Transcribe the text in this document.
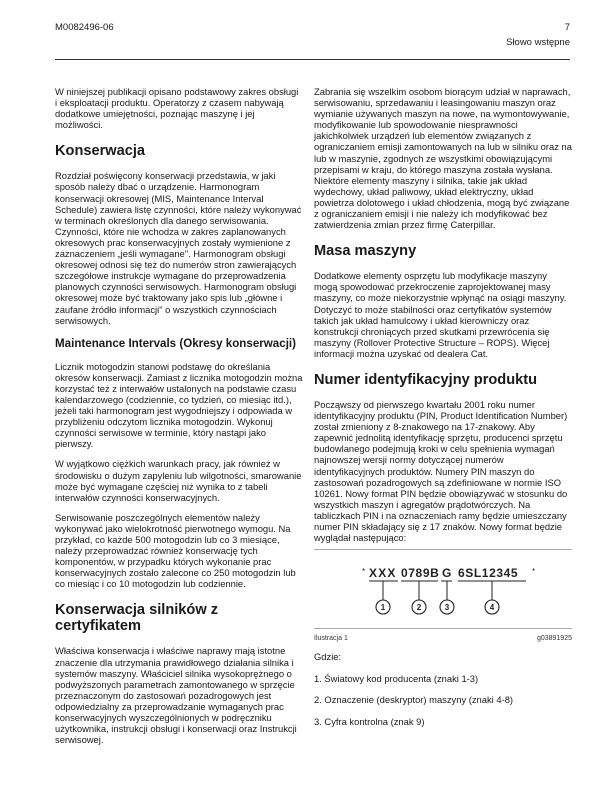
M0082496-06	7
Słowo wstępne

W niniejszej publikacji opisano podstawowy zakres obsługi i eksploatacji produktu. Operatorzy z czasem nabywają dodatkowe umiejętności, poznając maszynę i jej możliwości.

Konserwacja

Rozdział poświęcony konserwacji przedstawia, w jaki sposób należy dbać o urządzenie. Harmonogram konserwacji okresowej (MIS, Maintenance Interval Schedule) zawiera listę czynności, które należy wykonywać w terminach określonych dla danego serwisowania. Czynności, które nie wchodza w zakres zaplanowanych okresowych prac konserwacyjnych zostały wymienione z zaznaczeniem „jeśli wymagane". Harmonogram obsługi okresowej odnosi się też do numerów stron zawierających szczegółowe instrukcje wymagane do przeprowadzenia planowych czynności serwisowych. Harmonogram obsługi okresowej może być traktowany jako spis lub „główne i zaufane źródło informacji" o wszystkich czynnościach serwisowych.

Maintenance Intervals (Okresy konserwacji)

Licznik motogodzin stanowi podstawę do określania okresów konserwacji. Zamiast z licznika motogodzin można korzystać też z interwałów ustalonych na podstawie czasu kalendarzowego (codziennie, co tydzień, co miesiąc itd.), jeżeli taki harmonogram jest wygodniejszy i odpowiada w przybliżeniu odczytom licznika motogodzin. Wykonuj czynności serwisowe w terminie, który nastąpi jako pierwszy.

W wyjątkowo ciężkich warunkach pracy, jak również w środowisku o dużym zapyleniu lub wilgotności, smarowanie może być wymagane częściej niż wynika to z tabeli interwałów czynności konserwacyjnych.

Serwisowanie poszczególnych elementów należy wykonywać jako wielokrotność pierwotnego wymogu. Na przykład, co każde 500 motogodzin lub co 3 miesiące, należy przeprowadzać również konserwację tych komponentów, w przypadku których wykonanie prac konserwacyjnych zostało zalecone co 250 motogodzin lub co miesiąc i co 10 motogodzin lub codziennie.

Konserwacja silników z certyfikatem

Właściwa konserwacja i właściwe naprawy mają istotne znaczenie dla utrzymania prawidłowego działania silnika i systemów maszyny. Właściciel silnika wysokoprężnego o podwyższonych parametrach zamontowanego w sprzęcie przeznaczonym do zastosowań pozadrogowych jest odpowiedzialny za przeprowadzanie wymaganych prac konserwacyjnych wyszczególnionych w podręczniku użytkownika, instrukcji obsługi i konserwacji oraz Instrukcji serwisowej.

Zabrania się wszelkim osobom biorącym udział w naprawach, serwisowaniu, sprzedawaniu i leasingowaniu maszyn oraz wymianie używanych maszyn na nowe, na wymontowywanie, modyfikowanie lub spowodowanie niesprawności jakichkolwiek urządzeń lub elementów związanych z ograniczaniem emisji zamontowanych na lub w silniku oraz na lub w maszynie, zgodnych ze wszystkimi obowiązującymi przepisami w kraju, do którego maszyna została wysłana. Niektóre elementy maszyny i silnika, takie jak układ wydechowy, układ paliwowy, układ elektryczny, układ powietrza dolotowego i układ chłodzenia, mogą być związane z ograniczaniem emisji i nie należy ich modyfikować bez zatwierdzenia zmian przez firmę Caterpillar.

Masa maszyny

Dodatkowe elementy osprzętu lub modyfikacje maszyny mogą spowodować przekroczenie zaprojektowanej masy maszyny, co może niekorzystnie wpłynąć na osiągi maszyny. Dotyczyć to może stabilności oraz certyfikatów systemów takich jak układ hamulcowy i układ kierowniczy oraz konstrukcji chroniących przed skutkami przewrócenia się maszyny (Rollover Protective Structure – ROPS). Więcej informacji można uzyskać od dealera Cat.

Numer identyfikacyjny produktu

Począwszy od pierwszego kwartału 2001 roku numer identyfikacyjny produktu (PIN, Product Identification Number) został zmieniony z 8-znakowego na 17-znakowy. Aby zapewnić jednolitą identyfikację sprzętu, producenci sprzętu budowlanego podejmują kroki w celu spełnienia wymagań najnowszej wersji normy dotyczącej numerów identyfikacyjnych produktów. Numery PIN maszyn do zastosowań pozadrogowych są zdefiniowane w normie ISO 10261. Nowy format PIN będzie obowiązywać w stosunku do wszystkich maszyn i agregatów prądotwórczych. Na tabliczkach PIN i na oznaczeniach ramy będzie umieszczany numer PIN składający się z 17 znaków. Nowy format będzie wyglądał następująco:

* XXX 0789B G 6SL12345 *
1	2	3	4
Ilustracja 1	g03891925

Gdzie:

1. Światowy kod producenta (znaki 1-3)

2. Oznaczenie (deskryptor) maszyny (znaki 4-8)

3. Cyfra kontrolna (znak 9)
